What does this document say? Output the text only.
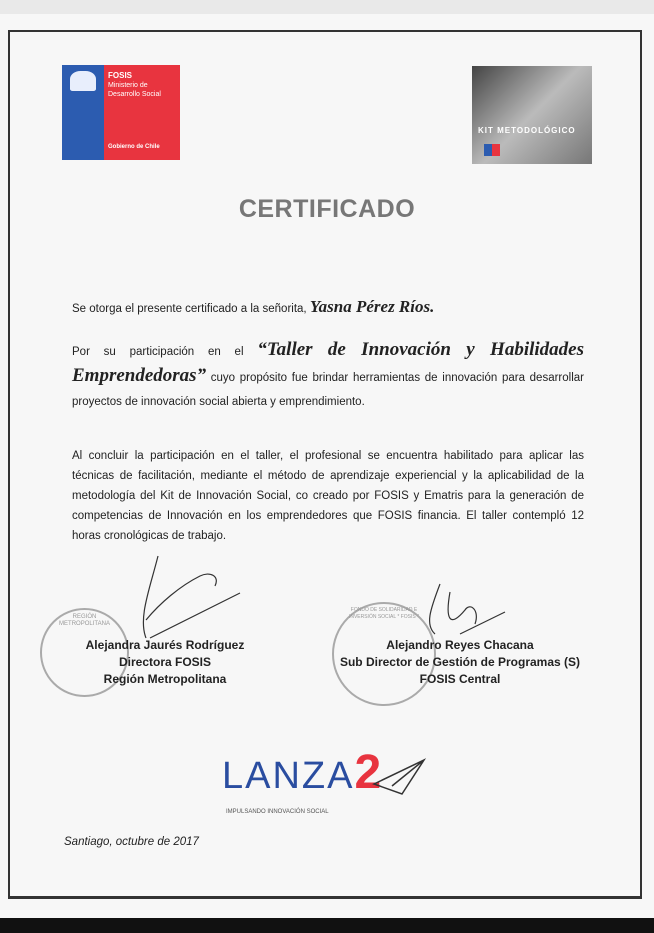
FOSIS
Ministerio de Desarrollo Social
Gobierno de Chile
KIT METODOLÓGICO
CERTIFICADO
Se otorga el presente certificado a la señorita, Yasna Pérez Ríos.
Por su participación en el “Taller de Innovación y Habilidades Emprendedoras” cuyo propósito fue brindar herramientas de innovación para desarrollar proyectos de innovación social abierta y emprendimiento.
Al concluir la participación en el taller, el profesional se encuentra habilitado para aplicar las técnicas de facilitación, mediante el método de aprendizaje experiencial y la aplicabilidad de la metodología del Kit de Innovación Social, co creado por FOSIS y Ematris para la generación de competencias de Innovación en los emprendedores que FOSIS financia. El taller contempló 12 horas cronológicas de trabajo.
REGIÓN METROPOLITANA
Alejandra Jaurés Rodríguez
Directora FOSIS
Región Metropolitana
FONDO DE SOLIDARIDAD E INVERSIÓN SOCIAL * FOSIS *
Alejandro Reyes Chacana
Sub Director de Gestión de Programas (S)
FOSIS Central
LANZA2
IMPULSANDO INNOVACIÓN SOCIAL
Santiago, octubre de 2017
